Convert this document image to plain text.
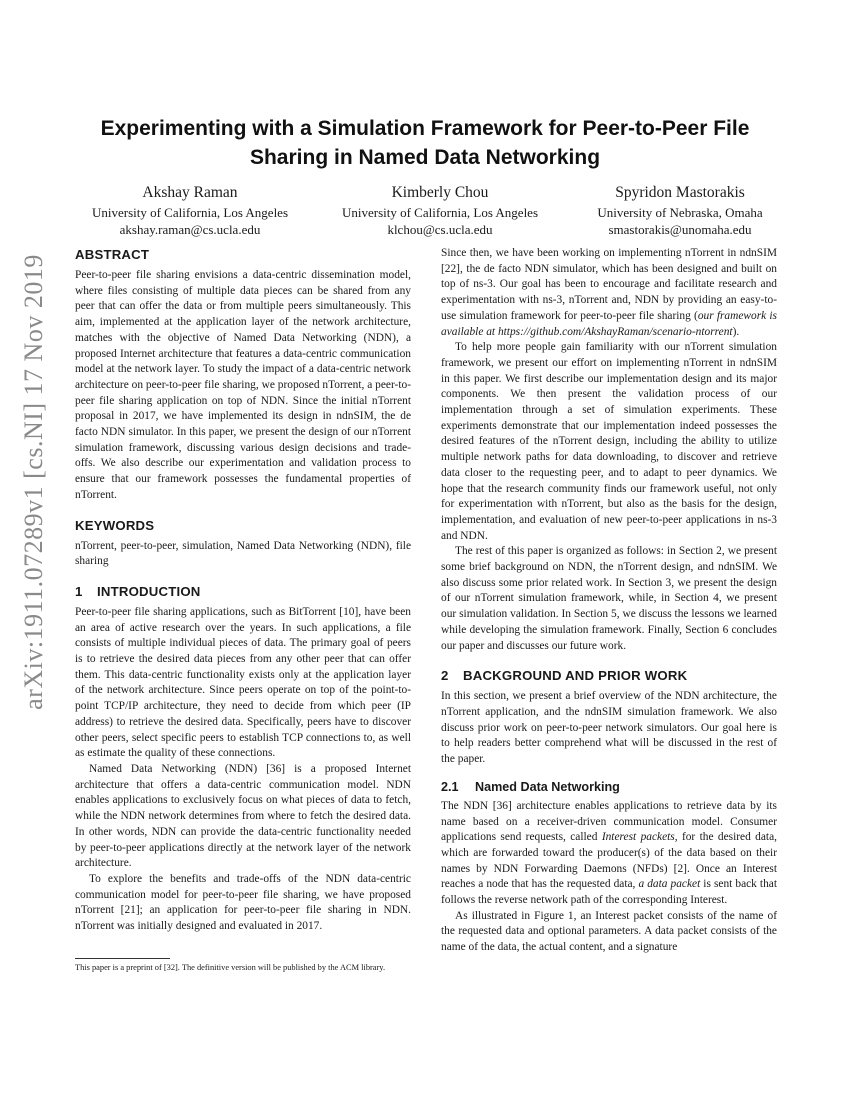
arXiv:1911.07289v1 [cs.NI] 17 Nov 2019
Experimenting with a Simulation Framework for Peer-to-Peer File Sharing in Named Data Networking
Akshay Raman
University of California, Los Angeles
akshay.raman@cs.ucla.edu
Kimberly Chou
University of California, Los Angeles
klchou@cs.ucla.edu
Spyridon Mastorakis
University of Nebraska, Omaha
smastorakis@unomaha.edu
ABSTRACT

Peer-to-peer file sharing envisions a data-centric dissemination model, where files consisting of multiple data pieces can be shared from any peer that can offer the data or from multiple peers simultaneously. This aim, implemented at the application layer of the network architecture, matches with the objective of Named Data Networking (NDN), a proposed Internet architecture that features a data-centric communication model at the network layer. To study the impact of a data-centric network architecture on peer-to-peer file sharing, we proposed nTorrent, a peer-to-peer file sharing application on top of NDN. Since the initial nTorrent proposal in 2017, we have implemented its design in ndnSIM, the de facto NDN simulator. In this paper, we present the design of our nTorrent simulation framework, discussing various design decisions and trade-offs. We also describe our experimentation and validation process to ensure that our framework possesses the fundamental properties of nTorrent.

KEYWORDS

nTorrent, peer-to-peer, simulation, Named Data Networking (NDN), file sharing

1 INTRODUCTION

Peer-to-peer file sharing applications, such as BitTorrent [10], have been an area of active research over the years. In such applications, a file consists of multiple individual pieces of data. The primary goal of peers is to retrieve the desired data pieces from any other peer that can offer them. This data-centric functionality exists only at the application layer of the network architecture. Since peers operate on top of the point-to-point TCP/IP architecture, they need to decide from which peer (IP address) to retrieve the desired data. Specifically, peers have to discover other peers, select specific peers to establish TCP connections to, as well as estimate the quality of these connections.

Named Data Networking (NDN) [36] is a proposed Internet architecture that offers a data-centric communication model. NDN enables applications to exclusively focus on what pieces of data to fetch, while the NDN network determines from where to fetch the desired data. In other words, NDN can provide the data-centric functionality needed by peer-to-peer applications directly at the network layer of the network architecture.

To explore the benefits and trade-offs of the NDN data-centric communication model for peer-to-peer file sharing, we have proposed nTorrent [21]; an application for peer-to-peer file sharing in NDN. nTorrent was initially designed and evaluated in 2017.

Since then, we have been working on implementing nTorrent in ndnSIM [22], the de facto NDN simulator, which has been designed and built on top of ns-3. Our goal has been to encourage and facilitate research and experimentation with ns-3, nTorrent and, NDN by providing an easy-to-use simulation framework for peer-to-peer file sharing (our framework is available at https://github.com/AkshayRaman/scenario-ntorrent).

To help more people gain familiarity with our nTorrent simulation framework, we present our effort on implementing nTorrent in ndnSIM in this paper. We first describe our implementation design and its major components. We then present the validation process of our implementation through a set of simulation experiments. These experiments demonstrate that our implementation indeed possesses the desired features of the nTorrent design, including the ability to utilize multiple network paths for data downloading, to discover and retrieve data closer to the requesting peer, and to adapt to peer dynamics. We hope that the research community finds our framework useful, not only for experimentation with nTorrent, but also as the basis for the design, implementation, and evaluation of new peer-to-peer applications in ns-3 and NDN.

The rest of this paper is organized as follows: in Section 2, we present some brief background on NDN, the nTorrent design, and ndnSIM. We also discuss some prior related work. In Section 3, we present the design of our nTorrent simulation framework, while, in Section 4, we present our simulation validation. In Section 5, we discuss the lessons we learned while developing the simulation framework. Finally, Section 6 concludes our paper and discusses our future work.

2 BACKGROUND AND PRIOR WORK

In this section, we present a brief overview of the NDN architecture, the nTorrent application, and the ndnSIM simulation framework. We also discuss prior work on peer-to-peer network simulators. Our goal here is to help readers better comprehend what will be discussed in the rest of the paper.

2.1 Named Data Networking

The NDN [36] architecture enables applications to retrieve data by its name based on a receiver-driven communication model. Consumer applications send requests, called Interest packets, for the desired data, which are forwarded toward the producer(s) of the data based on their names by NDN Forwarding Daemons (NFDs) [2]. Once an Interest reaches a node that has the requested data, a data packet is sent back that follows the reverse network path of the corresponding Interest.

As illustrated in Figure 1, an Interest packet consists of the name of the requested data and optional parameters. A data packet consists of the name of the data, the actual content, and a signature

This paper is a preprint of [32]. The definitive version will be published by the ACM library.
